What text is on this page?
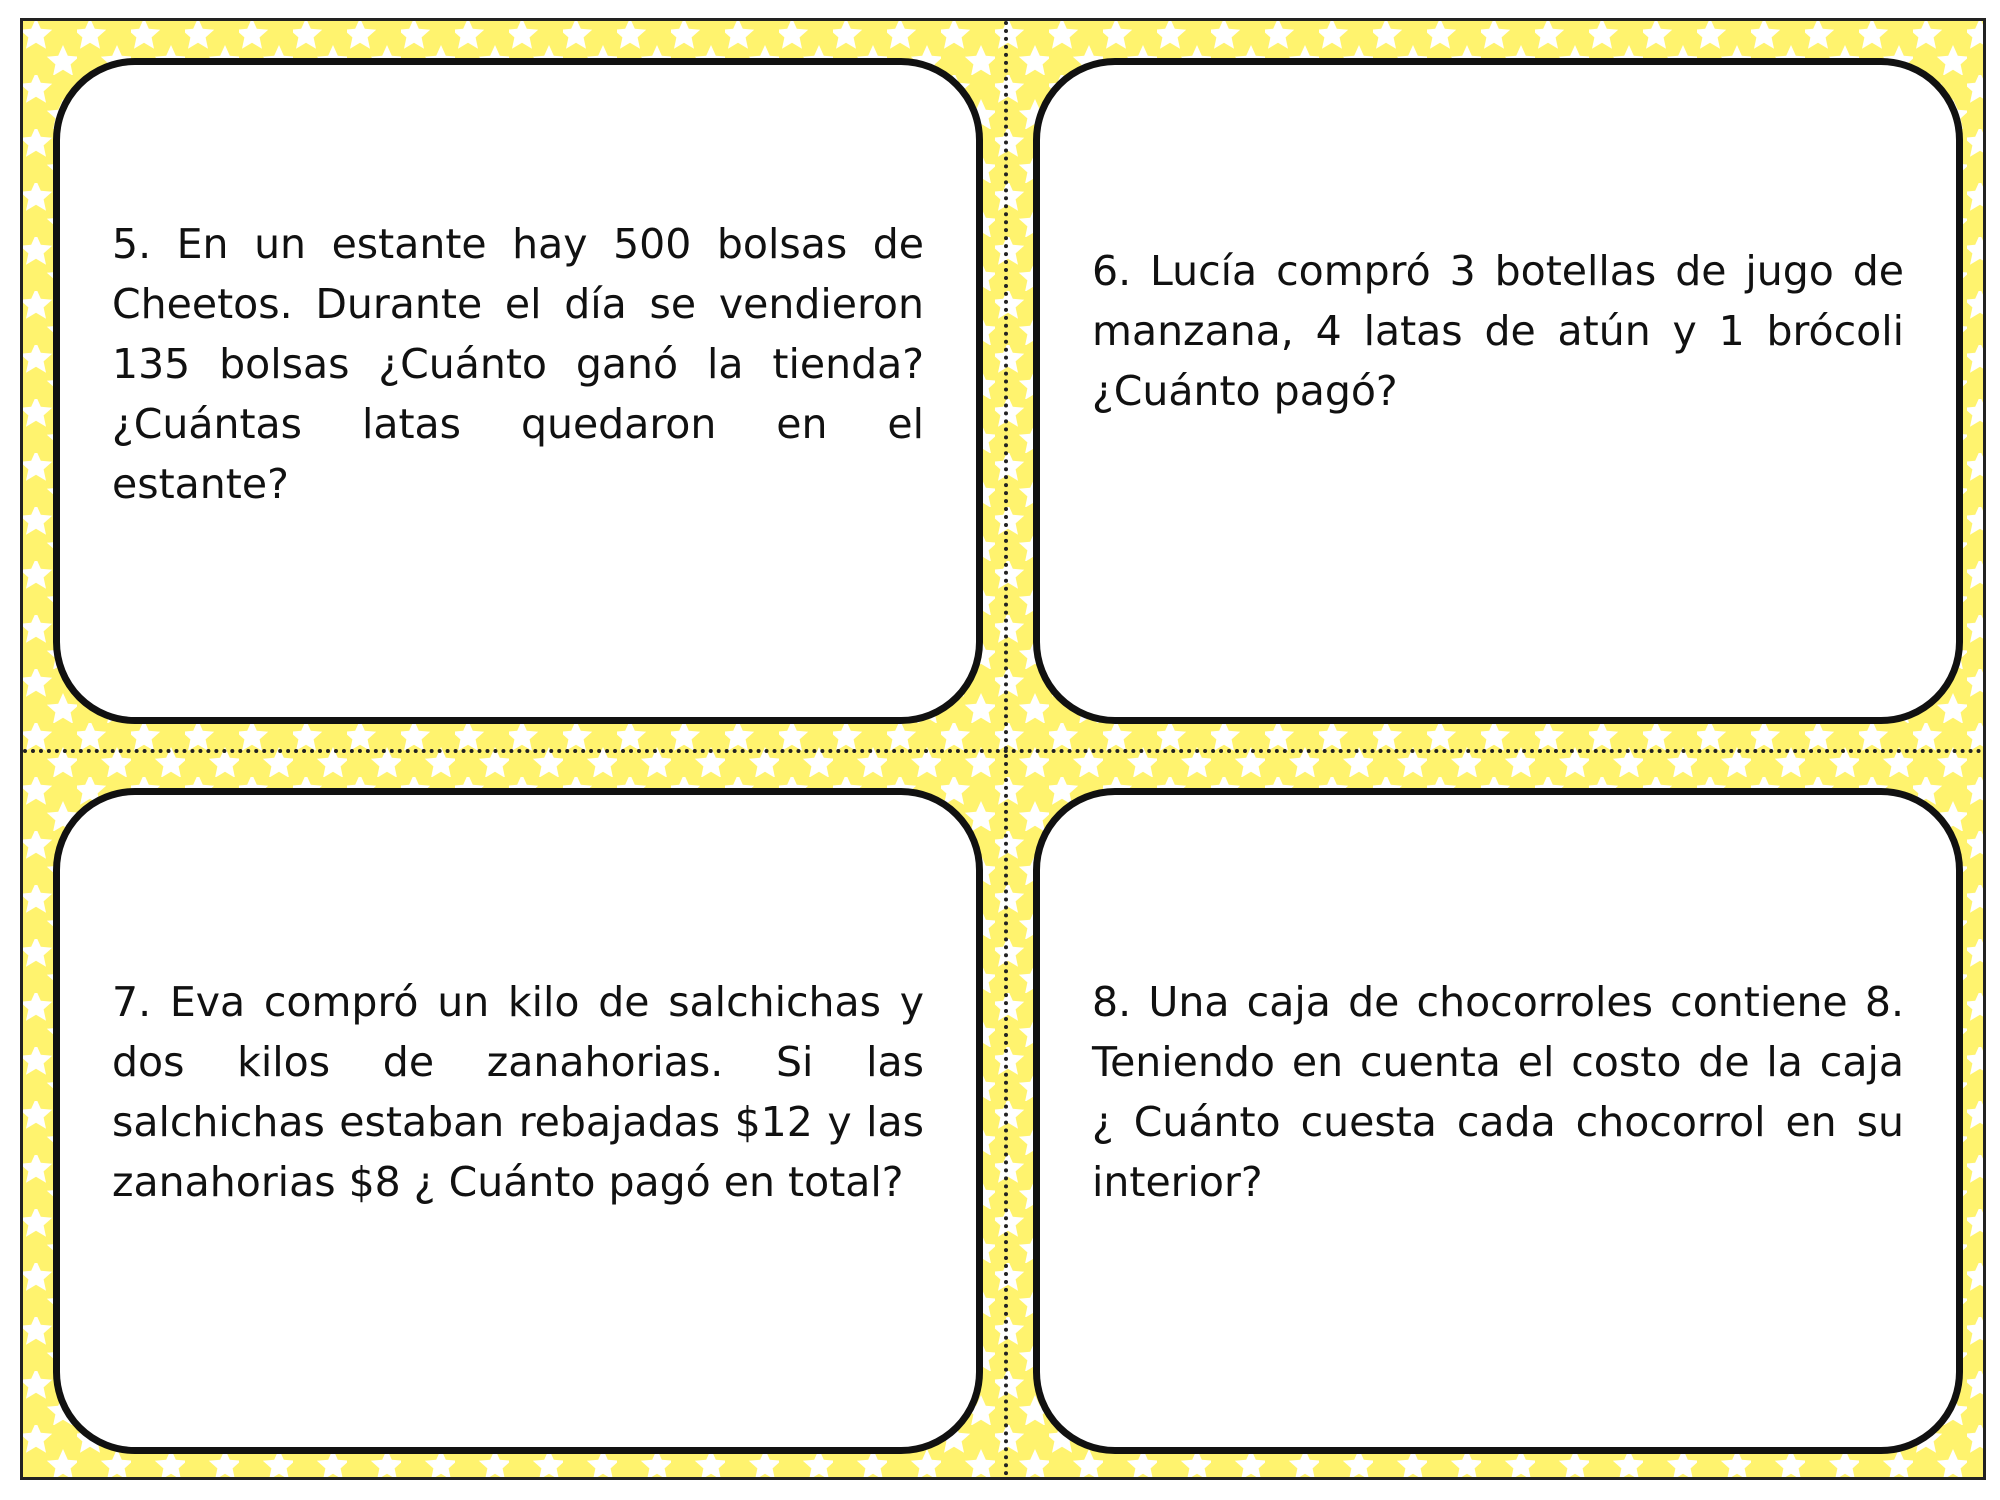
5. En un estante hay 500 bolsas de Cheetos. Durante el día se vendieron 135 bolsas ¿Cuánto ganó la tienda? ¿Cuántas latas quedaron en el estante?

6. Lucía compró 3 botellas de jugo de manzana, 4 latas de atún y 1 brócoli ¿Cuánto pagó?

7. Eva compró un kilo de salchichas y dos kilos de zanahorias. Si las salchichas estaban rebajadas $12 y las zanahorias $8 ¿ Cuánto pagó en total?

8. Una caja de chocorroles contiene 8. Teniendo en cuenta el costo de la caja ¿ Cuánto cuesta cada chocorrol en su interior?
